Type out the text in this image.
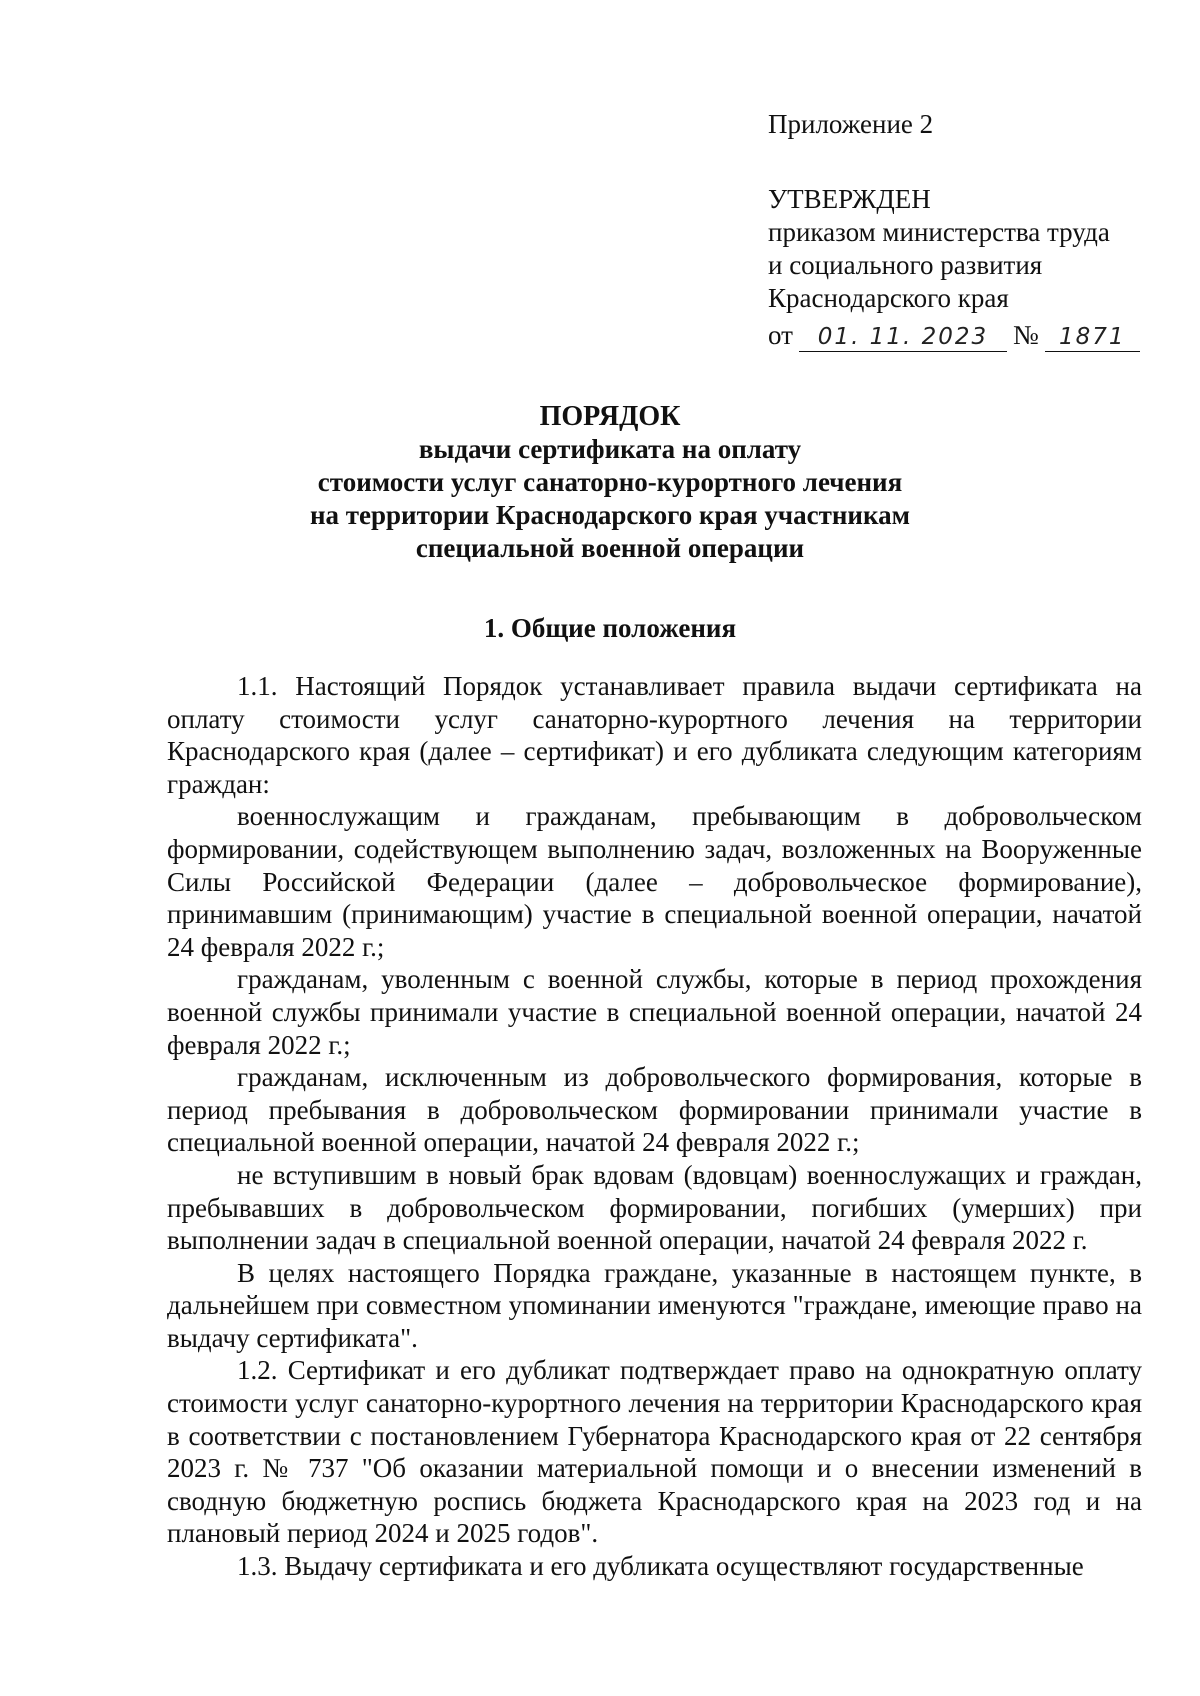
Приложение 2
УТВЕРЖДЕН
приказом министерства труда
и социального развития
Краснодарского края
от	01. 11. 2023 № 1871
ПОРЯДОК
выдачи сертификата на оплату
стоимости услуг санаторно-курортного лечения
на территории Краснодарского края участникам
специальной военной операции
1. Общие положения

1.1. Настоящий Порядок устанавливает правила выдачи сертификата на оплату стоимости услуг санаторно-курортного лечения на территории Краснодарского края (далее – сертификат) и его дубликата следующим категориям граждан:

военнослужащим и гражданам, пребывающим в добровольческом формировании, содействующем выполнению задач, возложенных на Вооруженные Силы Российской Федерации (далее – добровольческое формирование), принимавшим (принимающим) участие в специальной военной операции, начатой 24 февраля 2022 г.;

гражданам, уволенным с военной службы, которые в период прохождения военной службы принимали участие в специальной военной операции, начатой 24 февраля 2022 г.;

гражданам, исключенным из добровольческого формирования, которые в период пребывания в добровольческом формировании принимали участие в специальной военной операции, начатой 24 февраля 2022 г.;

не вступившим в новый брак вдовам (вдовцам) военнослужащих и граждан, пребывавших в добровольческом формировании, погибших (умерших) при выполнении задач в специальной военной операции, начатой 24 февраля 2022 г.

В целях настоящего Порядка граждане, указанные в настоящем пункте, в дальнейшем при совместном упоминании именуются "граждане, имеющие право на выдачу сертификата".

1.2. Сертификат и его дубликат подтверждает право на однократную оплату стоимости услуг санаторно-курортного лечения на территории Краснодарского края в соответствии с постановлением Губернатора Краснодарского края от 22 сентября 2023 г. № 737 "Об оказании материальной помощи и о внесении изменений в сводную бюджетную роспись бюджета Краснодарского края на 2023 год и на плановый период 2024 и 2025 годов".

1.3. Выдачу сертификата и его дубликата осуществляют государственные
